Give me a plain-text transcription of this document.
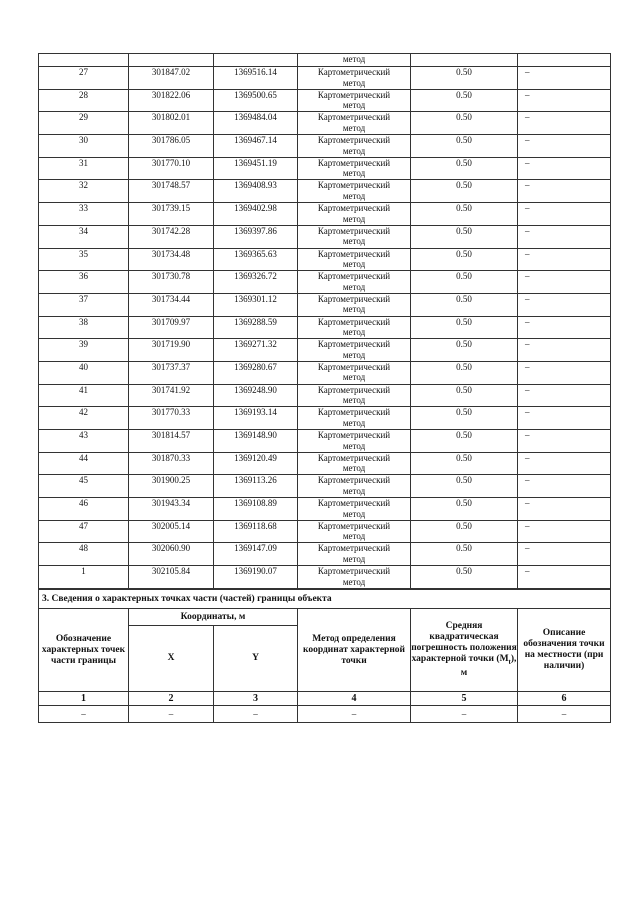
			метод		
27	301847.02	1369516.14	Картометрический
метод	0.50	–
28	301822.06	1369500.65	Картометрический
метод	0.50	–
29	301802.01	1369484.04	Картометрический
метод	0.50	–
30	301786.05	1369467.14	Картометрический
метод	0.50	–
31	301770.10	1369451.19	Картометрический
метод	0.50	–
32	301748.57	1369408.93	Картометрический
метод	0.50	–
33	301739.15	1369402.98	Картометрический
метод	0.50	–
34	301742.28	1369397.86	Картометрический
метод	0.50	–
35	301734.48	1369365.63	Картометрический
метод	0.50	–
36	301730.78	1369326.72	Картометрический
метод	0.50	–
37	301734.44	1369301.12	Картометрический
метод	0.50	–
38	301709.97	1369288.59	Картометрический
метод	0.50	–
39	301719.90	1369271.32	Картометрический
метод	0.50	–
40	301737.37	1369280.67	Картометрический
метод	0.50	–
41	301741.92	1369248.90	Картометрический
метод	0.50	–
42	301770.33	1369193.14	Картометрический
метод	0.50	–
43	301814.57	1369148.90	Картометрический
метод	0.50	–
44	301870.33	1369120.49	Картометрический
метод	0.50	–
45	301900.25	1369113.26	Картометрический
метод	0.50	–
46	301943.34	1369108.89	Картометрический
метод	0.50	–
47	302005.14	1369118.68	Картометрический
метод	0.50	–
48	302060.90	1369147.09	Картометрический
метод	0.50	–
1	302105.84	1369190.07	Картометрический
метод	0.50	–
3. Сведения о характерных точках части (частей) границы объекта					
Обозначение характерных точек части границы	Координаты, м		Метод определения координат характерной точки	Средняя квадратическая погрешность положения характерной точки $(M_t)$, м	Описание обозначения точки на местности (при наличии)
	X	Y			
1	2	3	4	5	6
–	–	–	–	–	–
